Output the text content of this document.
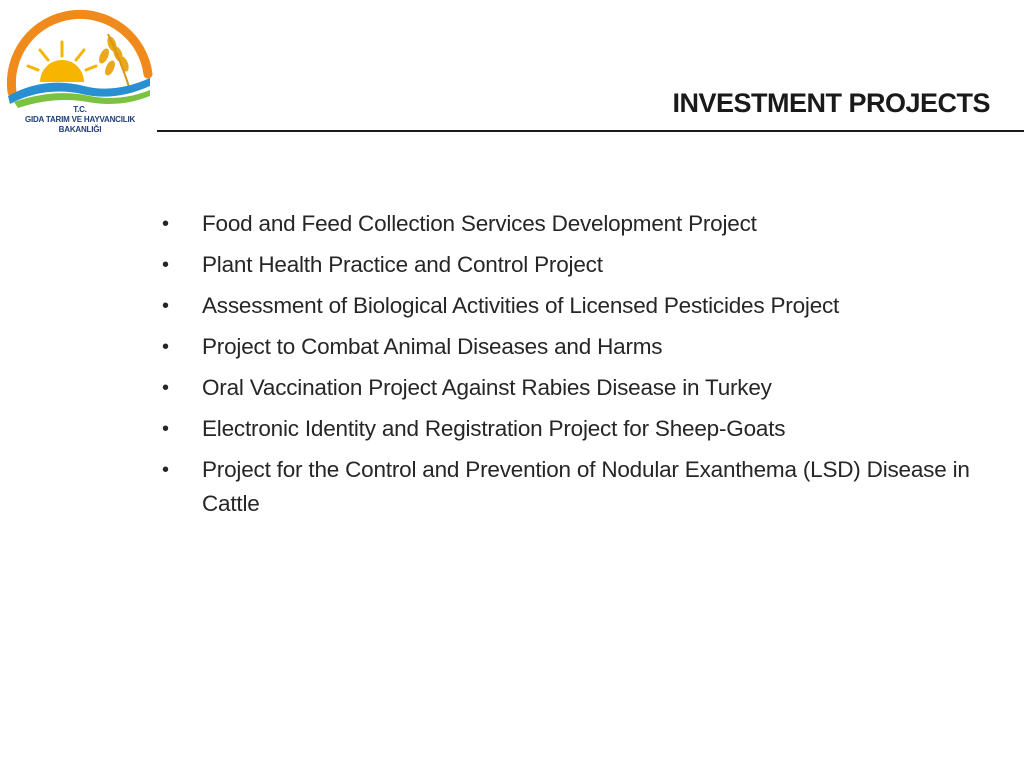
T.C.
GIDA TARIM VE HAYVANCILIK
BAKANLIĞI
INVESTMENT PROJECTS
• Food and Feed Collection Services Development Project
• Plant Health Practice and Control Project
• Assessment of Biological Activities of Licensed Pesticides Project
• Project to Combat Animal Diseases and Harms
• Oral Vaccination Project Against Rabies Disease in Turkey
• Electronic Identity and Registration Project for Sheep-Goats
• Project for the Control and Prevention of Nodular Exanthema (LSD) Disease in Cattle
